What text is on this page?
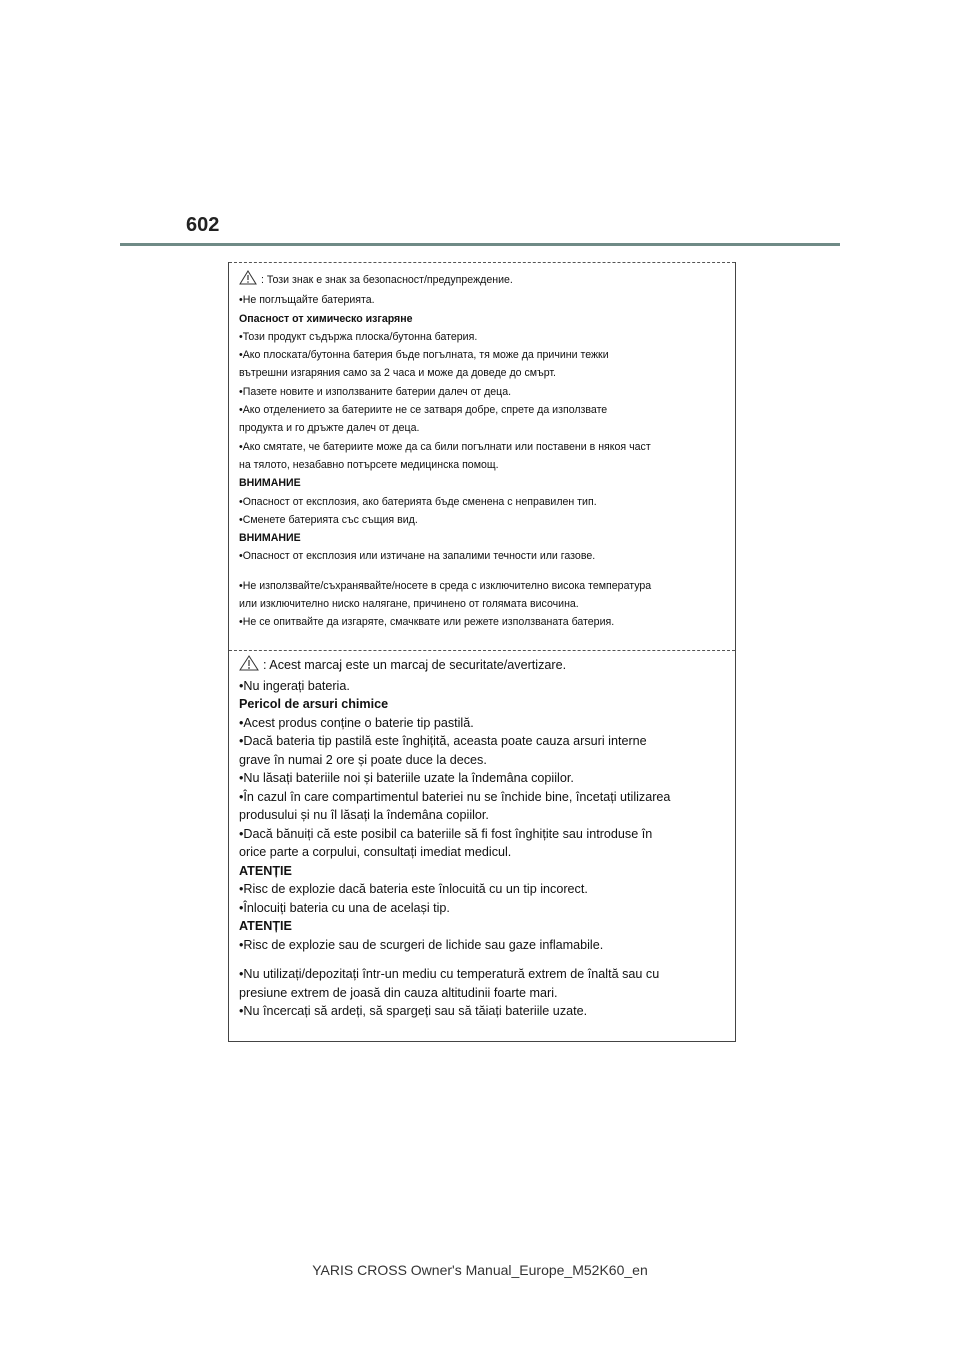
602
: Този знак е знак за безопасност/предупреждение.
•Не поглъщайте батерията.
Опасност от химическо изгаряне
•Този продукт съдържа плоска/бутонна батерия.
•Ако плоската/бутонна батерия бъде погълната, тя може да причини тежки
вътрешни изгаряния само за 2 часа и може да доведе до смърт.
•Пазете новите и използваните батерии далеч от деца.
•Ако отделението за батериите не се затваря добре, спрете да използвате
продукта и го дръжте далеч от деца.
•Ако смятате, че батериите може да са били погълнати или поставени в някоя част
на тялото, незабавно потърсете медицинска помощ.
ВНИМАНИЕ
•Опасност от експлозия, ако батерията бъде сменена с неправилен тип.
•Сменете батерията със същия вид.
ВНИМАНИЕ
•Опасност от експлозия или изтичане на запалими течности или газове.
•Не използвайте/съхранявайте/носете в среда с изключително висока температура
или изключително ниско налягане, причинено от голямата височина.
•Не се опитвайте да изгаряте, смачквате или режете използваната батерия.
: Acest marcaj este un marcaj de securitate/avertizare.
•Nu ingerați bateria.
Pericol de arsuri chimice
•Acest produs conține o baterie tip pastilă.
•Dacă bateria tip pastilă este înghițită, aceasta poate cauza arsuri interne
grave în numai 2 ore și poate duce la deces.
•Nu lăsați bateriile noi și bateriile uzate la îndemâna copiilor.
•În cazul în care compartimentul bateriei nu se închide bine, încetați utilizarea
produsului și nu îl lăsați la îndemâna copiilor.
•Dacă bănuiți că este posibil ca bateriile să fi fost înghițite sau introduse în
orice parte a corpului, consultați imediat medicul.
ATENȚIE
•Risc de explozie dacă bateria este înlocuită cu un tip incorect.
•Înlocuiți bateria cu una de același tip.
ATENȚIE
•Risc de explozie sau de scurgeri de lichide sau gaze inflamabile.
•Nu utilizați/depozitați într-un mediu cu temperatură extrem de înaltă sau cu
presiune extrem de joasă din cauza altitudinii foarte mari.
•Nu încercați să ardeți, să spargeți sau să tăiați bateriile uzate.
YARIS CROSS Owner's Manual_Europe_M52K60_en
